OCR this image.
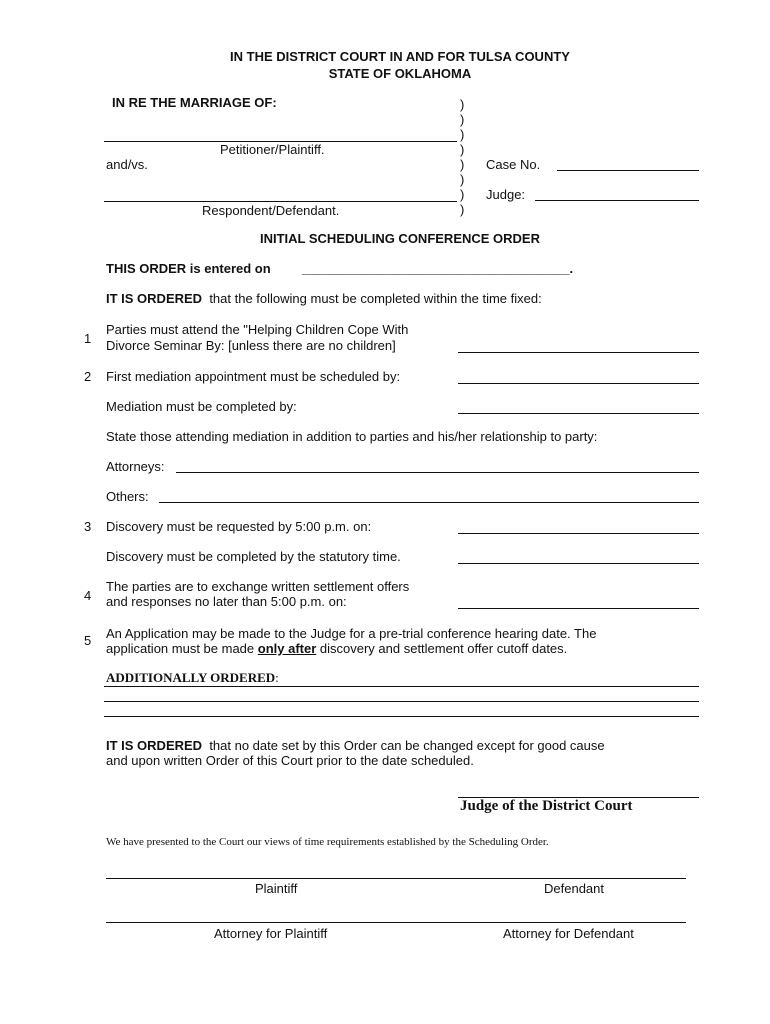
IN THE DISTRICT COURT IN AND FOR TULSA COUNTY
STATE OF OKLAHOMA
IN RE THE MARRIAGE OF:	)
)
)
)
)
)
)
)
Petitioner/Plaintiff.
and/vs.
Respondent/Defendant.
Case No.
Judge:
INITIAL SCHEDULING CONFERENCE ORDER
THIS ORDER is entered on _____________________________________.
IT IS ORDERED that the following must be completed within the time fixed:
1
Parties must attend the "Helping Children Cope With
Divorce Seminar By: [unless there are no children]
2 First mediation appointment must be scheduled by:
Mediation must be completed by:
State those attending mediation in addition to parties and his/her relationship to party:
Attorneys:
Others:
3 Discovery must be requested by 5:00 p.m. on:
Discovery must be completed by the statutory time.
4
The parties are to exchange written settlement offers
and responses no later than 5:00 p.m. on:
5 An Application may be made to the Judge for a pre-trial conference hearing date. The
application must be made only after discovery and settlement offer cutoff dates.
ADDITIONALLY ORDERED:
IT IS ORDERED that no date set by this Order can be changed except for good cause
and upon written Order of this Court prior to the date scheduled.
Judge of the District Court
We have presented to the Court our views of time requirements established by the Scheduling Order.
Plaintiff	Defendant
Attorney for Plaintiff	Attorney for Defendant
